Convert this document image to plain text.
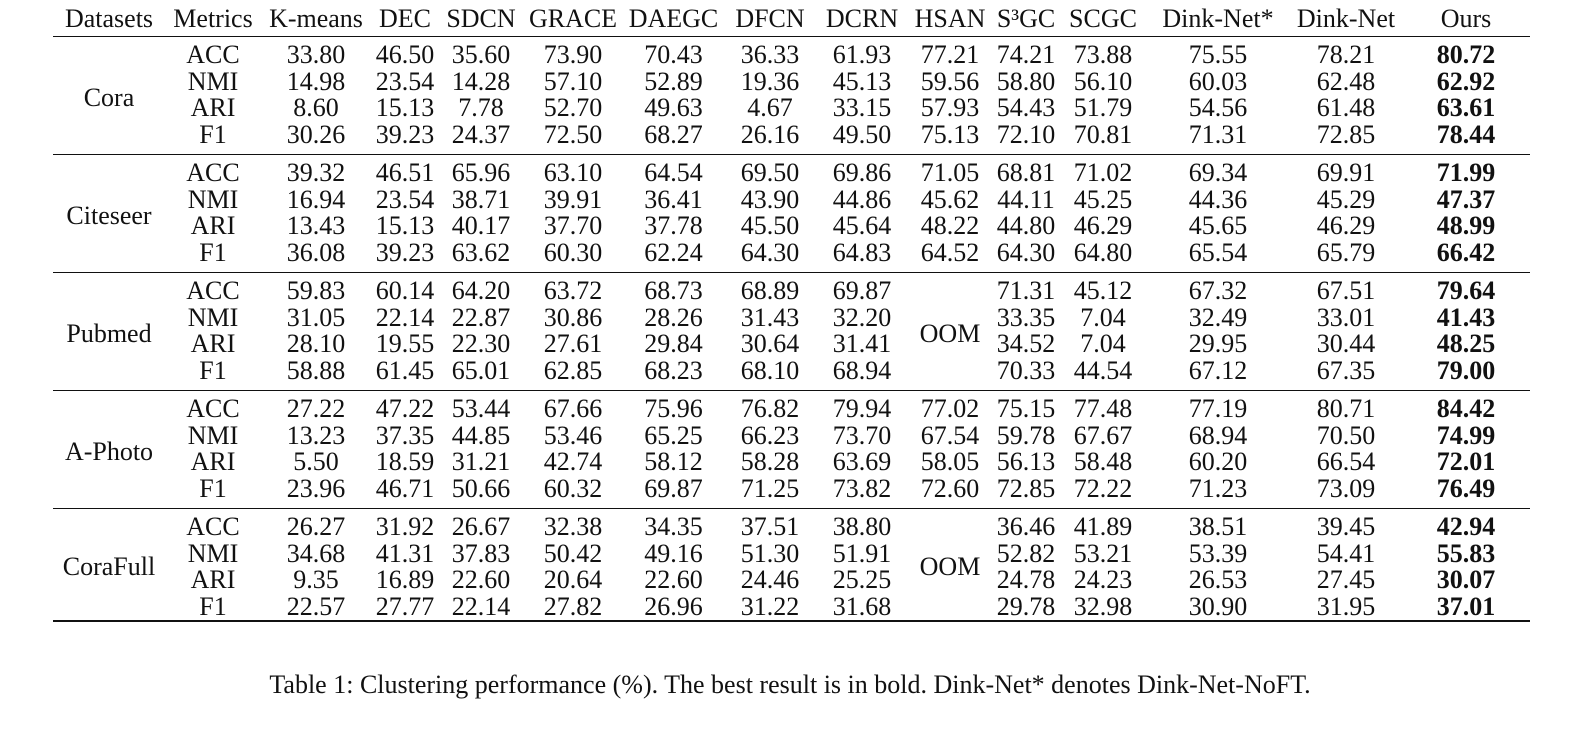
Datasets	Metrics	K-means	DEC	SDCN	GRACE	DAEGC	DFCN	DCRN	HSAN	S³GC	SCGC	Dink-Net*	Dink-Net	Ours
Cora	ACC	33.80	46.50	35.60	73.90	70.43	36.33	61.93	77.21	74.21	73.88	75.55	78.21	80.72
	NMI	14.98	23.54	14.28	57.10	52.89	19.36	45.13	59.56	58.80	56.10	60.03	62.48	62.92
	ARI	8.60	15.13	7.78	52.70	49.63	4.67	33.15	57.93	54.43	51.79	54.56	61.48	63.61
	F1	30.26	39.23	24.37	72.50	68.27	26.16	49.50	75.13	72.10	70.81	71.31	72.85	78.44
Citeseer	ACC	39.32	46.51	65.96	63.10	64.54	69.50	69.86	71.05	68.81	71.02	69.34	69.91	71.99
	NMI	16.94	23.54	38.71	39.91	36.41	43.90	44.86	45.62	44.11	45.25	44.36	45.29	47.37
	ARI	13.43	15.13	40.17	37.70	37.78	45.50	45.64	48.22	44.80	46.29	45.65	46.29	48.99
	F1	36.08	39.23	63.62	60.30	62.24	64.30	64.83	64.52	64.30	64.80	65.54	65.79	66.42
Pubmed	ACC	59.83	60.14	64.20	63.72	68.73	68.89	69.87	OOM	71.31	45.12	67.32	67.51	79.64
	NMI	31.05	22.14	22.87	30.86	28.26	31.43	32.20		33.35	7.04	32.49	33.01	41.43
	ARI	28.10	19.55	22.30	27.61	29.84	30.64	31.41		34.52	7.04	29.95	30.44	48.25
	F1	58.88	61.45	65.01	62.85	68.23	68.10	68.94		70.33	44.54	67.12	67.35	79.00
A-Photo	ACC	27.22	47.22	53.44	67.66	75.96	76.82	79.94	77.02	75.15	77.48	77.19	80.71	84.42
	NMI	13.23	37.35	44.85	53.46	65.25	66.23	73.70	67.54	59.78	67.67	68.94	70.50	74.99
	ARI	5.50	18.59	31.21	42.74	58.12	58.28	63.69	58.05	56.13	58.48	60.20	66.54	72.01
	F1	23.96	46.71	50.66	60.32	69.87	71.25	73.82	72.60	72.85	72.22	71.23	73.09	76.49
CoraFull	ACC	26.27	31.92	26.67	32.38	34.35	37.51	38.80	OOM	36.46	41.89	38.51	39.45	42.94
	NMI	34.68	41.31	37.83	50.42	49.16	51.30	51.91		52.82	53.21	53.39	54.41	55.83
	ARI	9.35	16.89	22.60	20.64	22.60	24.46	25.25		24.78	24.23	26.53	27.45	30.07
	F1	22.57	27.77	22.14	27.82	26.96	31.22	31.68		29.78	32.98	30.90	31.95	37.01
Table 1: Clustering performance (%). The best result is in bold. Dink-Net* denotes Dink-Net-NoFT.
